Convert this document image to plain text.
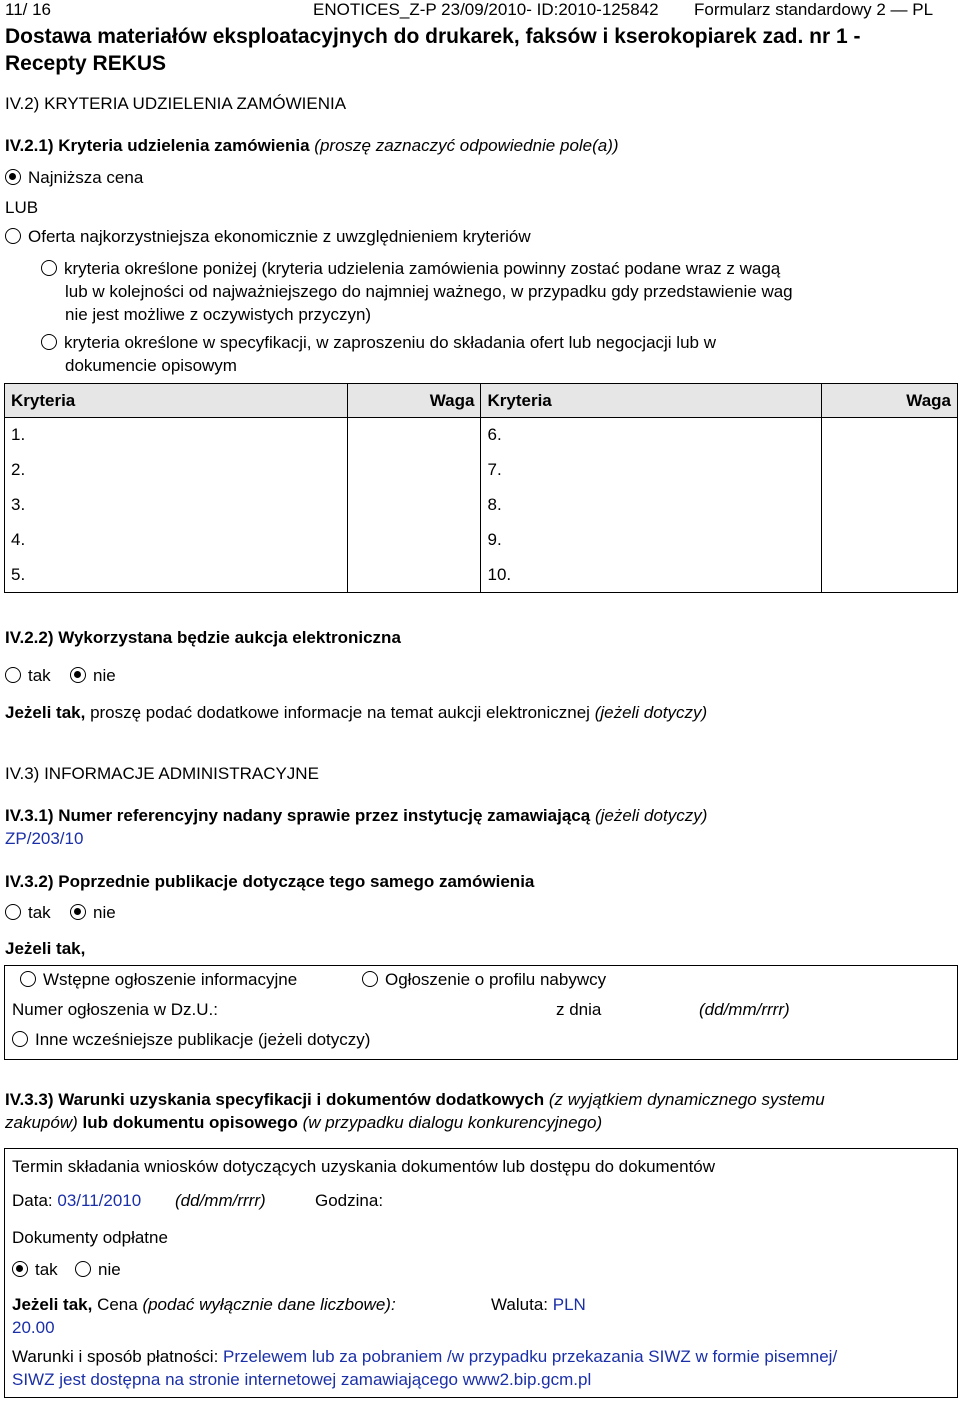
11/ 16	ENOTICES_Z-P 23/09/2010- ID:2010-125842 Formularz standardowy 2 — PL
Dostawa materiałów eksploatacyjnych do drukarek, faksów i kserokopiarek zad. nr 1 -
Recepty REKUS
IV.2) KRYTERIA UDZIELENIA ZAMÓWIENIA
IV.2.1) Kryteria udzielenia zamówienia (proszę zaznaczyć odpowiednie pole(a))
Najniższa cena
LUB
Oferta najkorzystniejsza ekonomicznie z uwzględnieniem kryteriów
kryteria określone poniżej (kryteria udzielenia zamówienia powinny zostać podane wraz z wagą
lub w kolejności od najważniejszego do najmniej ważnego, w przypadku gdy przedstawienie wag
nie jest możliwe z oczywistych przyczyn)
kryteria określone w specyfikacji, w zaproszeniu do składania ofert lub negocjacji lub w
dokumencie opisowym
Kryteria	Waga	Kryteria	Waga
1.		6.	
2.		7.	
3.		8.	
4.		9.	
5.		10.	
IV.2.2) Wykorzystana będzie aukcja elektroniczna
tak	nie
Jeżeli tak, proszę podać dodatkowe informacje na temat aukcji elektronicznej (jeżeli dotyczy)
IV.3) INFORMACJE ADMINISTRACYJNE
IV.3.1) Numer referencyjny nadany sprawie przez instytucję zamawiającą (jeżeli dotyczy)
ZP/203/10
IV.3.2) Poprzednie publikacje dotyczące tego samego zamówienia
tak	nie
Jeżeli tak,
Wstępne ogłoszenie informacyjne	Ogłoszenie o profilu nabywcy
Numer ogłoszenia w Dz.U.:	z dnia	(dd/mm/rrrr)
Inne wcześniejsze publikacje (jeżeli dotyczy)
IV.3.3) Warunki uzyskania specyfikacji i dokumentów dodatkowych (z wyjątkiem dynamicznego systemu
zakupów) lub dokumentu opisowego (w przypadku dialogu konkurencyjnego)
Termin składania wniosków dotyczących uzyskania dokumentów lub dostępu do dokumentów
Data: 03/11/2010 (dd/mm/rrrr)	Godzina:
Dokumenty odpłatne
tak	nie
Jeżeli tak, Cena (podać wyłącznie dane liczbowe):	Waluta: PLN
20.00
Warunki i sposób płatności: Przelewem lub za pobraniem /w przypadku przekazania SIWZ w formie pisemnej/
SIWZ jest dostępna na stronie internetowej zamawiającego www2.bip.gcm.pl
